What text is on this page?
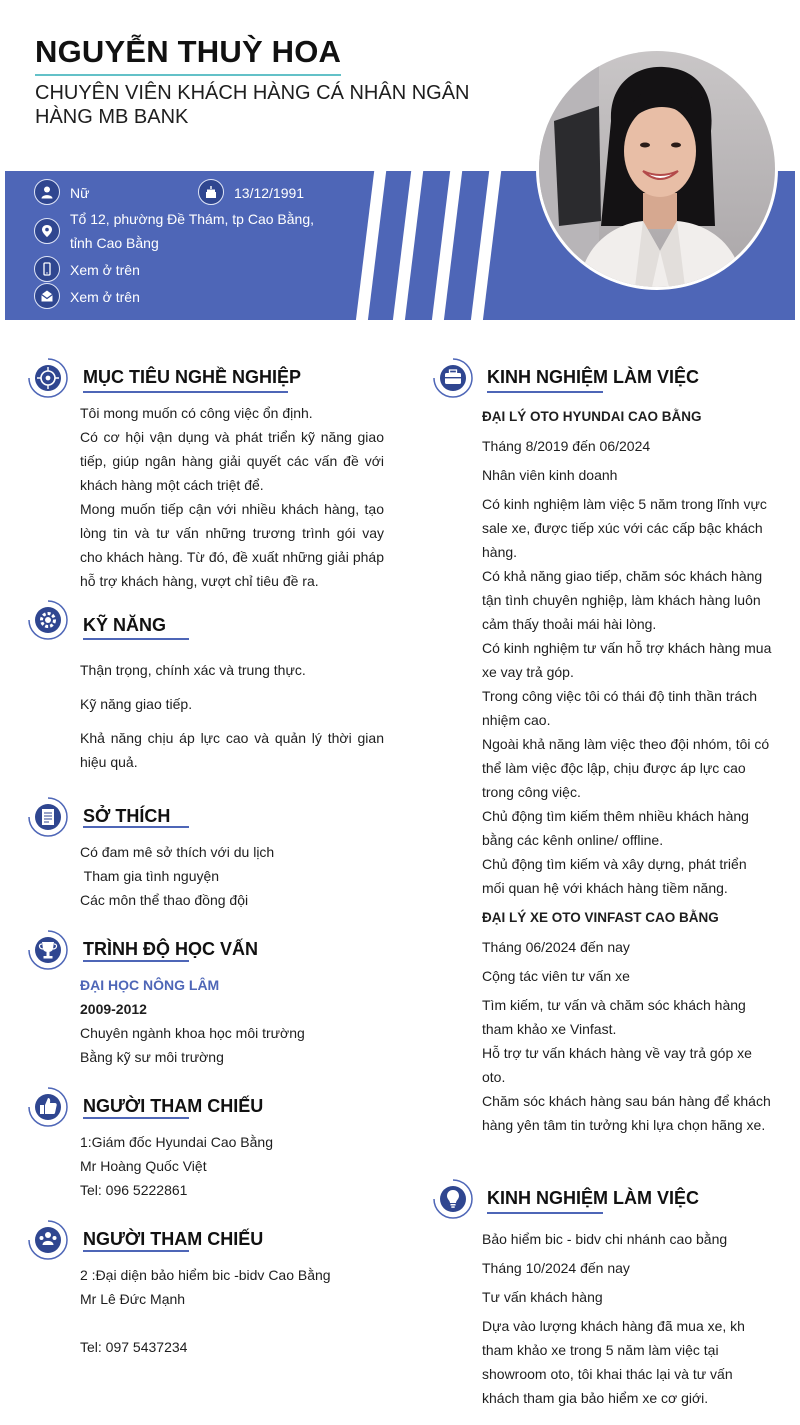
NGUYỄN THUỲ HOA
CHUYÊN VIÊN KHÁCH HÀNG CÁ NHÂN NGÂN HÀNG MB BANK
Nữ	13/12/1991
Tổ 12, phường Đề Thám, tp Cao Bằng, tỉnh Cao Bằng
Xem ở trên
Xem ở trên
MỤC TIÊU NGHỀ NGHIỆP
Tôi mong muốn có công việc ổn định.
Có cơ hội vận dụng và phát triển kỹ năng giao tiếp, giúp ngân hàng giải quyết các vấn đề với khách hàng một cách triệt để.
Mong muốn tiếp cận với nhiều khách hàng, tạo lòng tin và tư vấn những trương trình gói vay cho khách hàng. Từ đó, đề xuất những giải pháp hỗ trợ khách hàng, vượt chỉ tiêu đề ra.
KỸ NĂNG
Thận trọng, chính xác và trung thực.
Kỹ năng giao tiếp.
Khả năng chịu áp lực cao và quản lý thời gian hiệu quả.
SỞ THÍCH
Có đam mê sở thích với du lịch
Tham gia tình nguyện
Các môn thể thao đồng đội
TRÌNH ĐỘ HỌC VẤN
ĐẠI HỌC NÔNG LÂM
2009-2012
Chuyên ngành khoa học môi trường
Bằng kỹ sư môi trường
NGƯỜI THAM CHIẾU
1:Giám đốc Hyundai Cao Bằng
Mr Hoàng Quốc Việt
Tel: 096 5222861
NGƯỜI THAM CHIẾU
2 :Đại diện bảo hiểm bic -bidv Cao Bằng
Mr Lê Đức Mạnh
Tel: 097 5437234
KINH NGHIỆM LÀM VIỆC
ĐẠI LÝ OTO HYUNDAI CAO BẰNG
Tháng 8/2019 đến 06/2024
Nhân viên kinh doanh
Có kinh nghiệm làm việc 5 năm trong lĩnh vực sale xe, được tiếp xúc với các cấp bậc khách hàng.
Có khả năng giao tiếp, chăm sóc khách hàng tận tình chuyên nghiệp, làm khách hàng luôn cảm thấy thoải mái hài lòng.
Có kinh nghiệm tư vấn hỗ trợ khách hàng mua xe vay trả góp.
Trong công việc tôi có thái độ tinh thần trách nhiệm cao.
Ngoài khả năng làm việc theo đội nhóm, tôi có thể làm việc độc lập, chịu được áp lực cao trong công việc.
Chủ động tìm kiếm thêm nhiều khách hàng bằng các kênh online/ offline.
Chủ động tìm kiếm và xây dựng, phát triển mối quan hệ với khách hàng tiềm năng.
ĐẠI LÝ XE OTO VINFAST CAO BẰNG
Tháng 06/2024 đến nay
Cộng tác viên tư vấn xe
Tìm kiếm, tư vấn và chăm sóc khách hàng tham khảo xe Vinfast.
Hỗ trợ tư vấn khách hàng về vay trả góp xe oto.
Chăm sóc khách hàng sau bán hàng để khách hàng yên tâm tin tưởng khi lựa chọn hãng xe.
KINH NGHIỆM LÀM VIỆC
Bảo hiểm bic - bidv chi nhánh cao bằng
Tháng 10/2024 đến nay
Tư vấn khách hàng
Dựa vào lượng khách hàng đã mua xe, kh tham khảo xe trong 5 năm làm việc tại showroom oto, tôi khai thác lại và tư vấn khách tham gia bảo hiểm xe cơ giới.
